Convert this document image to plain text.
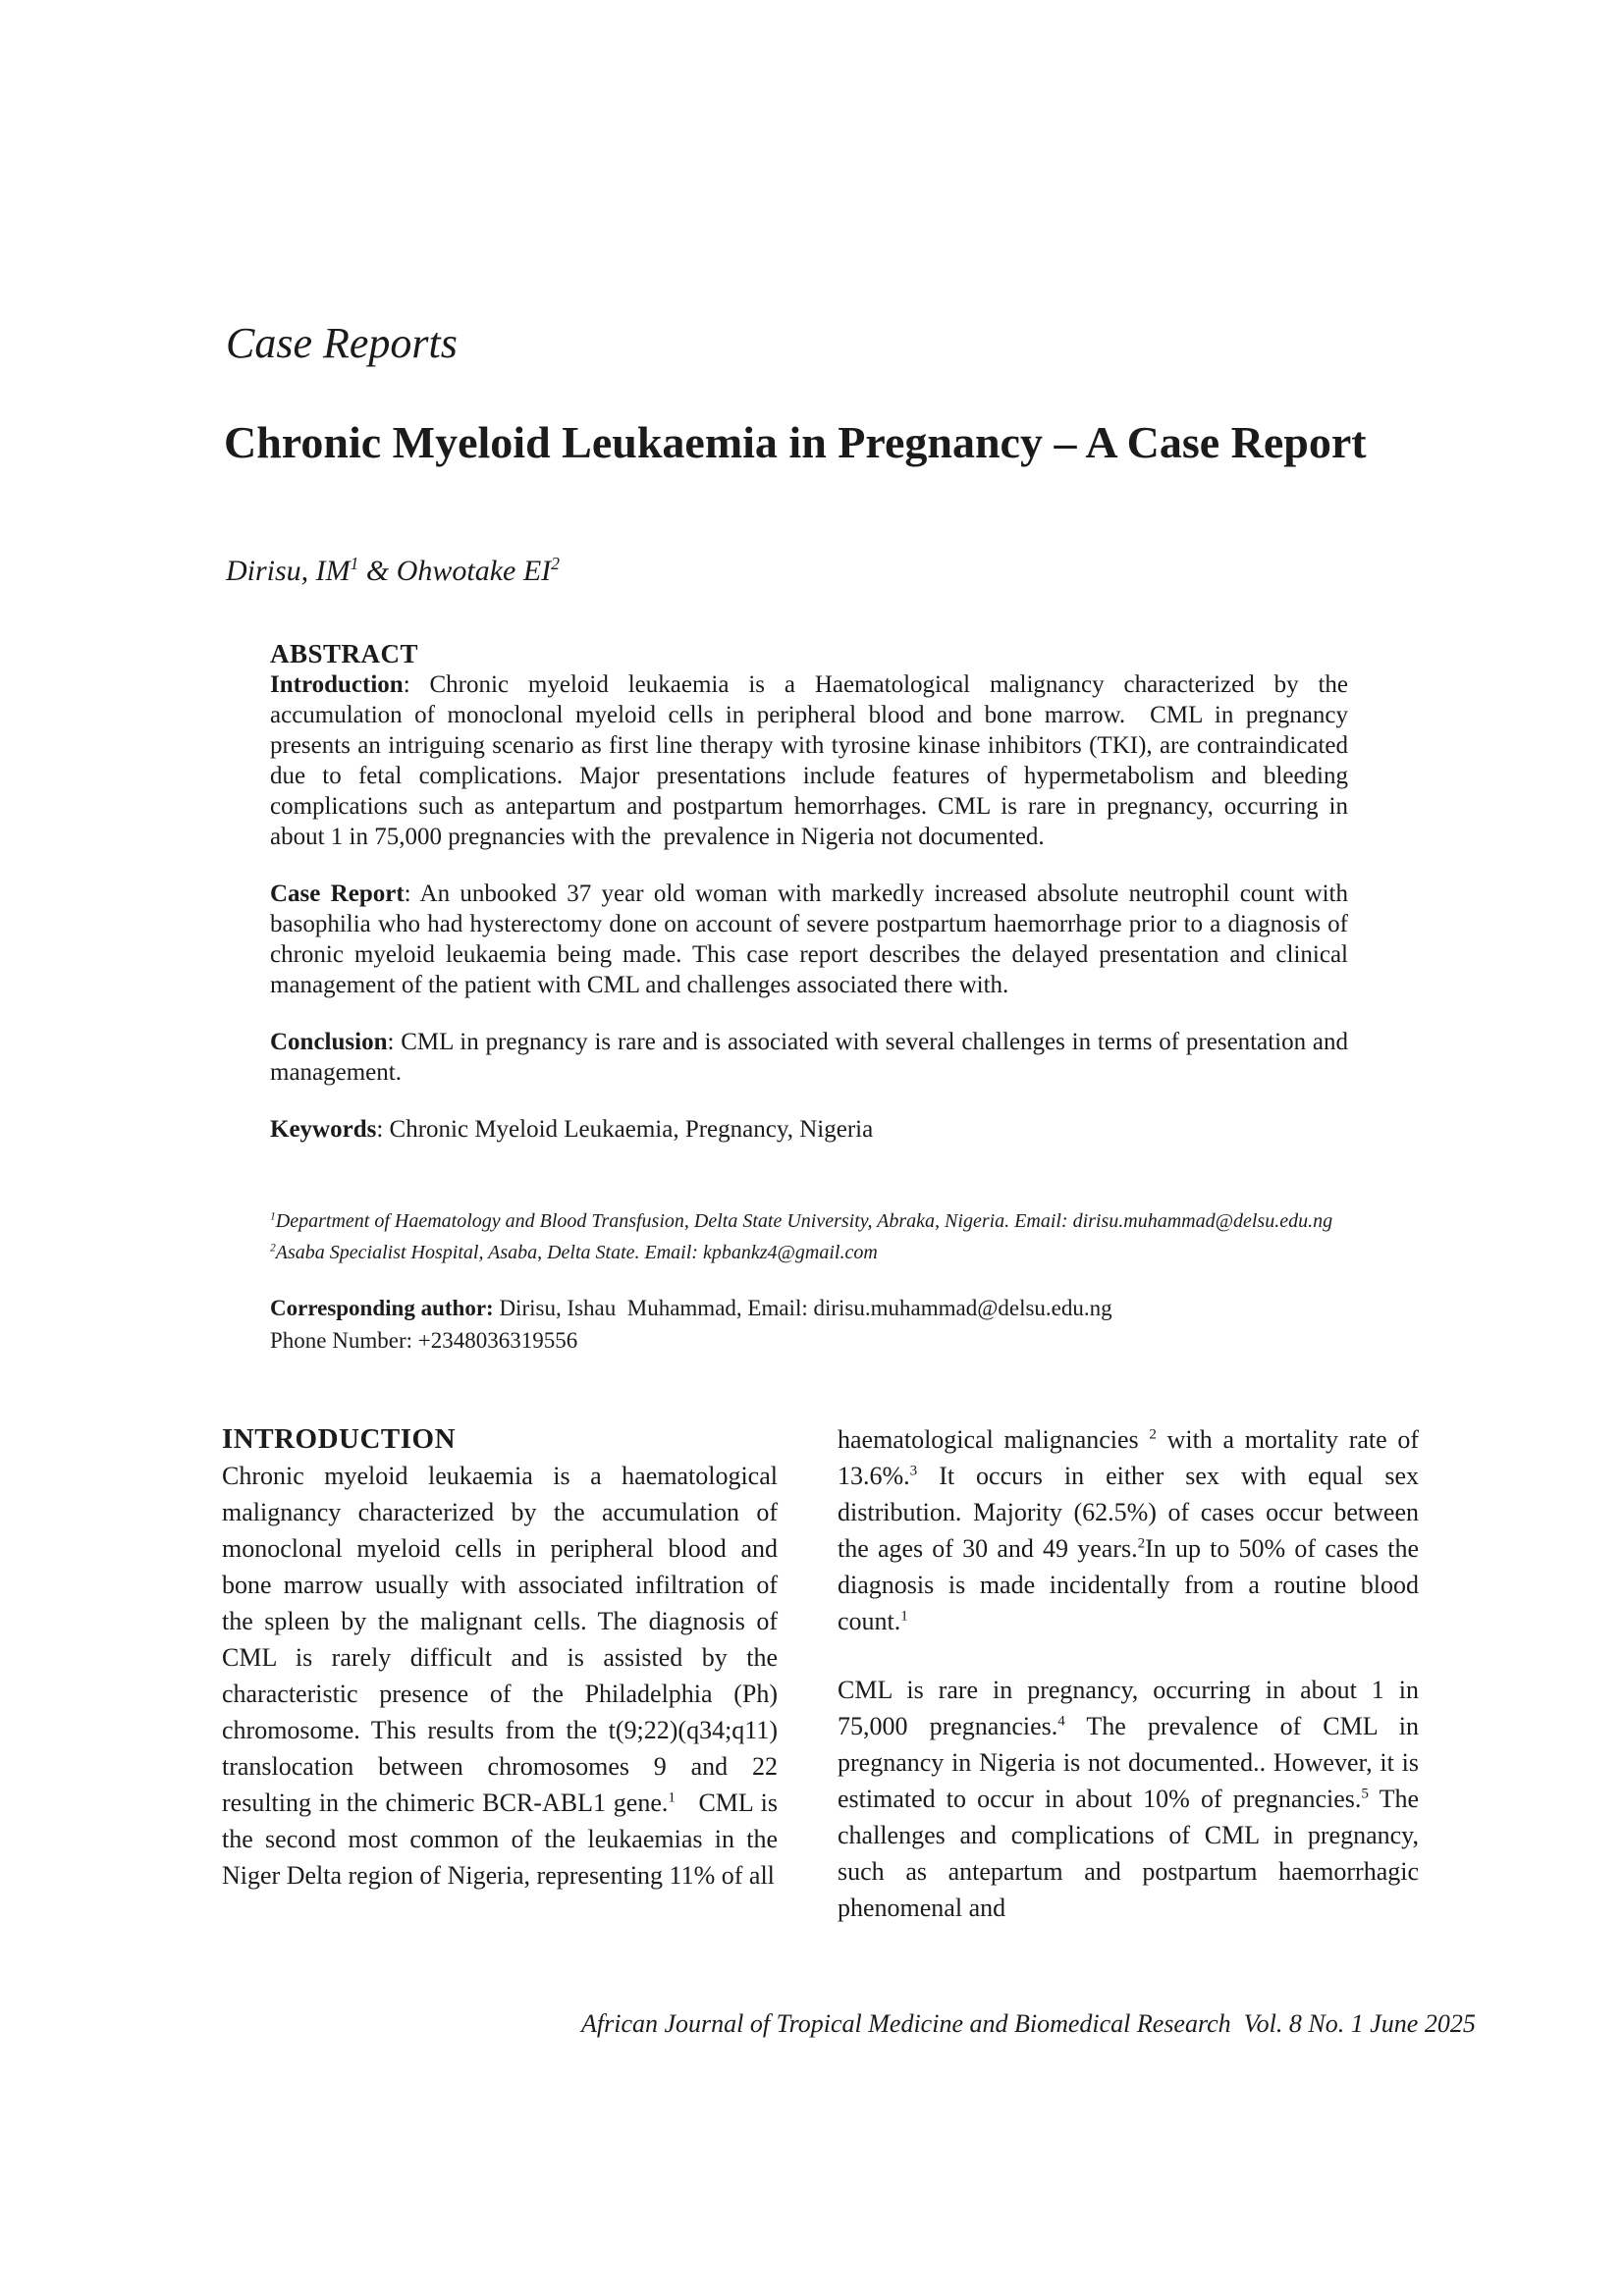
Case Reports
Chronic Myeloid Leukaemia in Pregnancy – A Case Report
Dirisu, $IM^1$ & Ohwotake $EI^2$
ABSTRACT

Introduction: Chronic myeloid leukaemia is a Haematological malignancy characterized by the accumulation of monoclonal myeloid cells in peripheral blood and bone marrow.  CML in pregnancy presents an intriguing scenario as first line therapy with tyrosine kinase inhibitors (TKI), are contraindicated due to fetal complications. Major presentations include features of hypermetabolism and bleeding complications such as antepartum and postpartum hemorrhages. CML is rare in pregnancy, occurring in about 1 in 75,000 pregnancies with the  prevalence in Nigeria not documented.

Case Report: An unbooked 37 year old woman with markedly increased absolute neutrophil count with basophilia who had hysterectomy done on account of severe postpartum haemorrhage prior to a diagnosis of chronic myeloid leukaemia being made. This case report describes the delayed presentation and clinical management of the patient with CML and challenges associated there with.

Conclusion: CML in pregnancy is rare and is associated with several challenges in terms of presentation and management.

Keywords: Chronic Myeloid Leukaemia, Pregnancy, Nigeria

$^1$Department of Haematology and Blood Transfusion, Delta State University, Abraka, Nigeria. Email: dirisu.muhammad@delsu.edu.ng
$^2$Asaba Specialist Hospital, Asaba, Delta State. Email: kpbankz4@gmail.com
Corresponding author: Dirisu, Ishau  Muhammad, Email: dirisu.muhammad@delsu.edu.ng
Phone Number: +2348036319556
INTRODUCTION

Chronic myeloid leukaemia is a haematological malignancy characterized by the accumulation of monoclonal myeloid cells in peripheral blood and bone marrow usually with associated infiltration of the spleen by the malignant cells. The diagnosis of CML is rarely difficult and is assisted by the characteristic presence of the Philadelphia (Ph) chromosome. This results from the t(9;22)(q34;q11) translocation between chromosomes 9 and 22 resulting in the chimeric BCR-ABL1 gene.$^1$   CML is the second most common of the leukaemias in the Niger Delta region of Nigeria, representing 11% of all

haematological malignancies $^2$ with a mortality rate of 13.6%.$^3$ It occurs in either sex with equal sex distribution. Majority (62.5%) of cases occur between the ages of 30 and 49 years.$^2$In up to 50% of cases the diagnosis is made incidentally from a routine blood count.$^1$

CML is rare in pregnancy, occurring in about 1 in 75,000 pregnancies.$^4$ The prevalence of CML in pregnancy in Nigeria is not documented.. However, it is estimated to occur in about 10% of pregnancies.$^5$ The challenges and complications of CML in pregnancy, such as antepartum and postpartum haemorrhagic phenomenal and

African Journal of Tropical Medicine and Biomedical Research  Vol. 8 No. 1 June 2025
